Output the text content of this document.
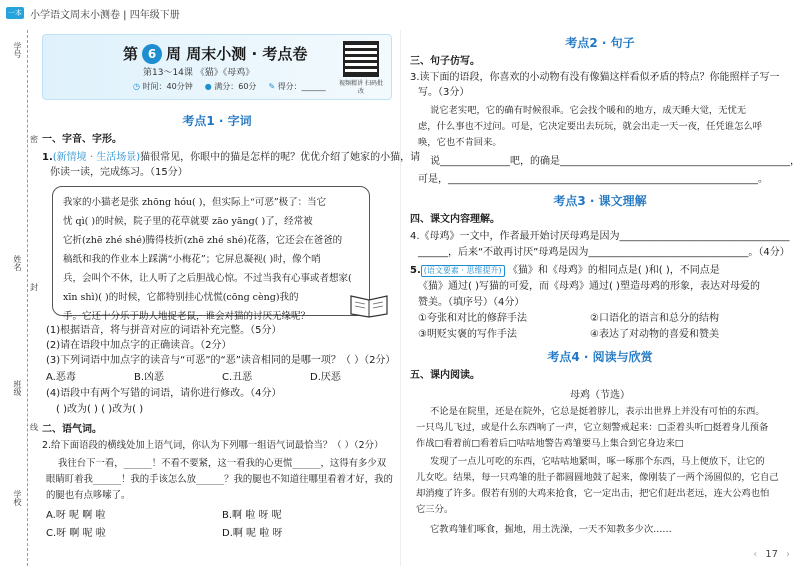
一本 小学语文周末小测卷 | 四年级下册
学号
姓名
班级
学校
密
封
线
第 6 周 周末小测 · 考点卷
第13～14课 《猫》《母鸡》
◷ 时间：40分钟 ● 满分：60分 ✎ 得分：______	视频精讲 扫码批改
考点1 · 字词
一、字音、字形。
1.(新情境 · 生活场景)猫很常见，你眼中的猫是怎样的呢？优优介绍了她家的小猫，请
你读一读，完成练习。（15分）
我家的小猫老是张 zhōng hóu( )，但实际上“可恶”极了：当它
忧 qì( )的时候，院子里的花草就要 zāo yāng( )了，经常被
它折(zhē zhé shé)腾得枝折(zhē zhé shé)花落，它还会在爸爸的
稿纸和我的作业本上踩满“小梅花”；它屏息凝视( )时，像个哨
兵，会叫个不休，让人听了之后胆战心惊。不过当我有心事或者想家(
xīn shì)( )的时候，它都特别挂心忧慌(cōng cèng)我的
手。它还十分乐于助人地捉老鼠，谁会对猫的讨厌无缘呢？
(1)根据语音，将与拼音对应的词语补充完整。（5分）
(2)请在语段中加点字的正确读音。（2分）
(3)下列词语中加点字的读音与“可恶”的“恶”读音相同的是哪一项？（ ）（2分）
A.恶毒	B.凶恶	C.丑恶	D.厌恶
(4)语段中有两个写错的词语，请你进行修改。（4分）
( )改为( ) ( )改为( )
二、语气词。
2.给下面语段的横线处加上语气词，你认为下列哪一组语气词最恰当？（ ）（2分）
我往台下一看，______！不看不要紧，这一看我的心更慌______，这得有多少双
眼睛盯着我______！我的手该怎么放______？我的腿也不知道往哪里看着才好，我的
的腿也有点哆嗦了。
A.呀 呢 啊 啦	B.啊 啦 呀 呢
C.呀 啊 呢 啦	D.啊 呢 啦 呀
考点2 · 句子
三、句子仿写。
3.读下面的语段，你喜欢的小动物有没有像猫这样看似矛盾的特点？你能照样子写一
写。（3分）
说它老实吧，它的确有时候很乖。它会找个暖和的地方，成天睡大觉，无忧无
虑，什么事也不过问。可是，它决定要出去玩玩，就会出走一天一夜，任凭谁怎么呼
唤，它也不肯回来。
说______________吧，的确是______________________________________________，
可是，______________________________________________________________。
考点3 · 课文理解
四、课文内容理解。
4.《母鸡》一文中，作者最开始讨厌母鸡是因为__________________________________
______，后来“不敢再讨厌”母鸡是因为________________________________。（4分）
5. (语文要素 · 思维提升) 《猫》和《母鸡》的相同点是( )和( )，不同点是
《猫》通过( )写猫的可爱，而《母鸡》通过( )塑造母鸡的形象，表达对母爱的
赞美。（填序号）（4分）
①夸张和对比的修辞手法	②口语化的语言和总分的结构
③明贬实褒的写作手法	④表达了对动物的喜爱和赞美
考点4 · 阅读与欣赏
五、课内阅读。
母鸡（节选）
不论是在院里，还是在院外，它总是挺着脖儿，表示出世界上并没有可怕的东西。
一只鸟儿飞过，或是什么东西响了一声，它立刻警戒起来：□歪着头听□挺着身儿预备
作战□看着前□看着后□咕咕地警告鸡雏要马上集合到它身边来□
发现了一点儿可吃的东西，它咕咕地紧叫，啄一啄那个东西，马上便放下，让它的
儿女吃。结果，每一只鸡雏的肚子都圆圆地鼓了起来，像刚装了一两个汤圆似的，它自己
却消瘦了许多。假若有别的大鸡来抢食，它一定出击，把它们赶出老远，连大公鸡也怕
它三分。
它教鸡雏们啄食，掘地，用土洗澡，一天不知教多少次……
‹ 17 ›
